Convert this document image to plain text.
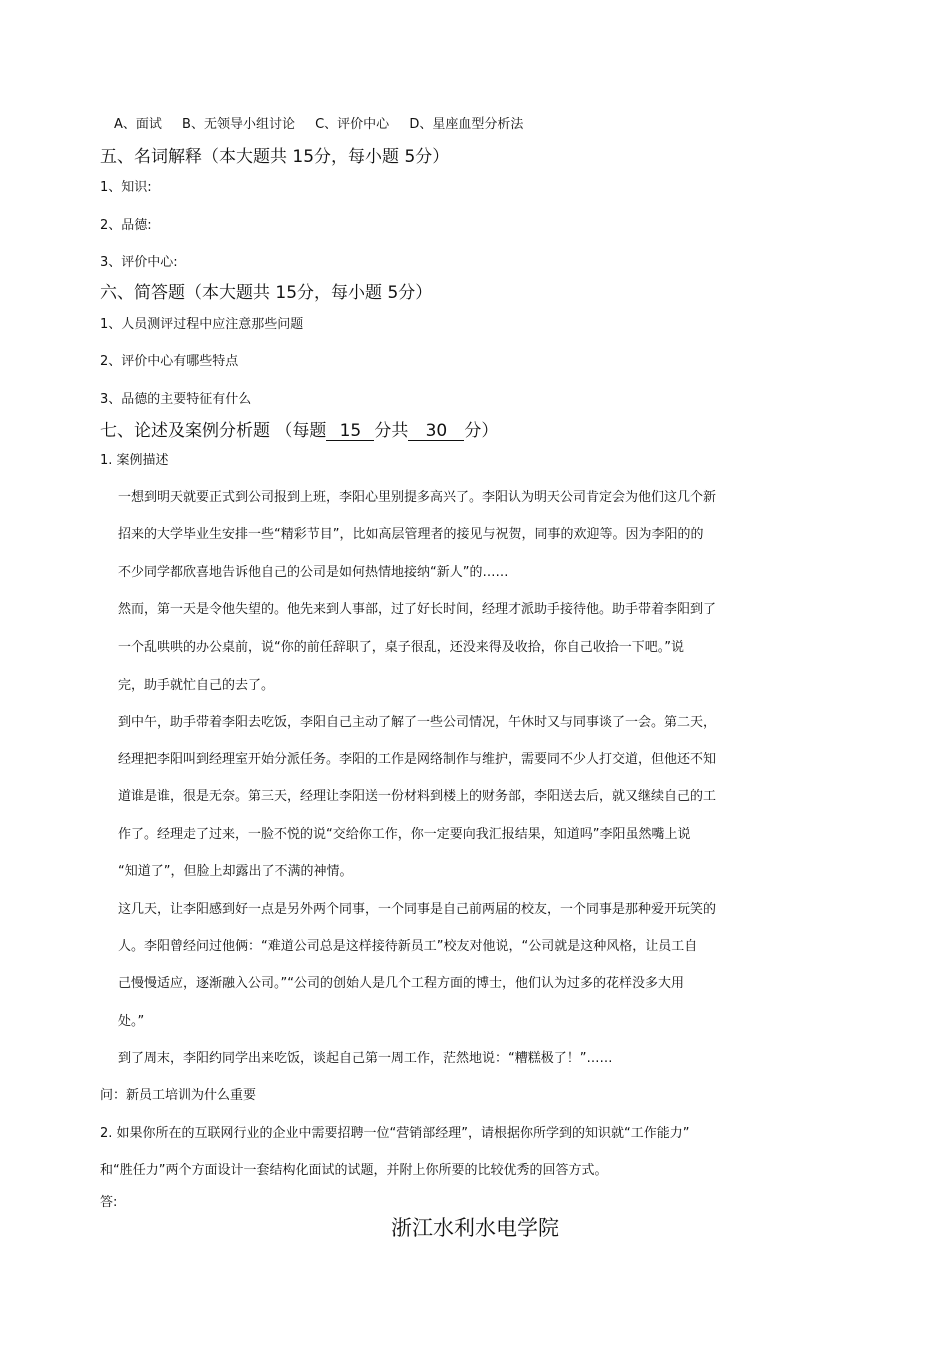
A、面试 B、无领导小组讨论 C、评价中心 D、星座血型分析法
五、名词解释（本大题共 15分，每小题 5分）
1、知识:
2、品德:
3、评价中心:
六、简答题（本大题共 15分，每小题 5分）
1、人员测评过程中应注意那些问题
2、评价中心有哪些特点
3、品德的主要特征有什么
七、论述及案例分析题 （每题 15 分共 30 分）
1. 案例描述
一想到明天就要正式到公司报到上班，李阳心里别提多高兴了。李阳认为明天公司肯定会为他们这几个新
招来的大学毕业生安排一些“精彩节目”，比如高层管理者的接见与祝贺，同事的欢迎等。因为李阳的的
不少同学都欣喜地告诉他自己的公司是如何热情地接纳“新人”的……
然而，第一天是令他失望的。他先来到人事部，过了好长时间，经理才派助手接待他。助手带着李阳到了
一个乱哄哄的办公桌前，说“你的前任辞职了，桌子很乱，还没来得及收拾，你自己收拾一下吧。”说
完，助手就忙自己的去了。
到中午，助手带着李阳去吃饭，李阳自己主动了解了一些公司情况，午休时又与同事谈了一会。第二天，
经理把李阳叫到经理室开始分派任务。李阳的工作是网络制作与维护，需要同不少人打交道，但他还不知
道谁是谁，很是无奈。第三天，经理让李阳送一份材料到楼上的财务部，李阳送去后，就又继续自己的工
作了。经理走了过来，一脸不悦的说“交给你工作，你一定要向我汇报结果，知道吗”李阳虽然嘴上说
“知道了”，但脸上却露出了不满的神情。
这几天，让李阳感到好一点是另外两个同事，一个同事是自己前两届的校友，一个同事是那种爱开玩笑的
人。李阳曾经问过他俩：“难道公司总是这样接待新员工”校友对他说，“公司就是这种风格，让员工自
己慢慢适应，逐渐融入公司。”“公司的创始人是几个工程方面的博士，他们认为过多的花样没多大用
处。”
到了周末，李阳约同学出来吃饭，谈起自己第一周工作，茫然地说：“糟糕极了！”……
问：新员工培训为什么重要
2. 如果你所在的互联网行业的企业中需要招聘一位“营销部经理”，请根据你所学到的知识就“工作能力”
和“胜任力”两个方面设计一套结构化面试的试题，并附上你所要的比较优秀的回答方式。
答:
浙江水利水电学院
